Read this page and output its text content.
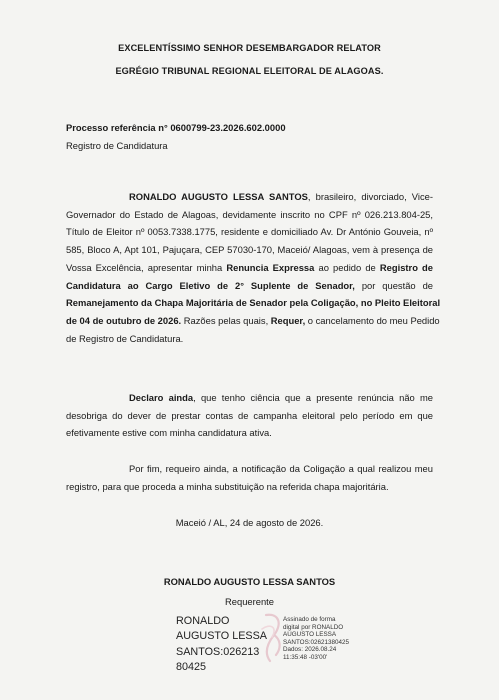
EXCELENTÍSSIMO SENHOR DESEMBARGADOR RELATOR
EGRÉGIO TRIBUNAL REGIONAL ELEITORAL DE ALAGOAS.
Processo referência n° 0600799-23.2026.602.0000
Registro de Candidatura
RONALDO AUGUSTO LESSA SANTOS, brasileiro, divorciado, Vice-
Governador do Estado de Alagoas, devidamente inscrito no CPF nº 026.213.804-25,
Título de Eleitor nº 0053.7338.1775, residente e domiciliado Av. Dr António Gouveia, nº
585, Bloco A, Apt 101, Pajuçara, CEP 57030-170, Maceió/ Alagoas, vem à presença de
Vossa Excelência, apresentar minha Renuncia Expressa ao pedido de Registro de
Candidatura ao Cargo Eletivo de 2° Suplente de Senador, por questão de
Remanejamento da Chapa Majoritária de Senador pela Coligação, no Pleito Eleitoral
de 04 de outubro de 2026. Razões pelas quais, Requer, o cancelamento do meu Pedido
de Registro de Candidatura.
Declaro ainda, que tenho ciência que a presente renúncia não me
desobriga do dever de prestar contas de campanha eleitoral pelo período em que
efetivamente estive com minha candidatura ativa.
Por fim, requeiro ainda, a notificação da Coligação a qual realizou meu
registro, para que proceda a minha substituição na referida chapa majoritária.
Maceió / AL, 24 de agosto de 2026.
RONALDO AUGUSTO LESSA SANTOS
Requerente
RONALDO
AUGUSTO LESSA
SANTOS:026213
80425
Assinado de forma
digital por RONALDO
AUGUSTO LESSA
SANTOS:02621380425
Dados: 2026.08.24
11:35:48 -03'00'
